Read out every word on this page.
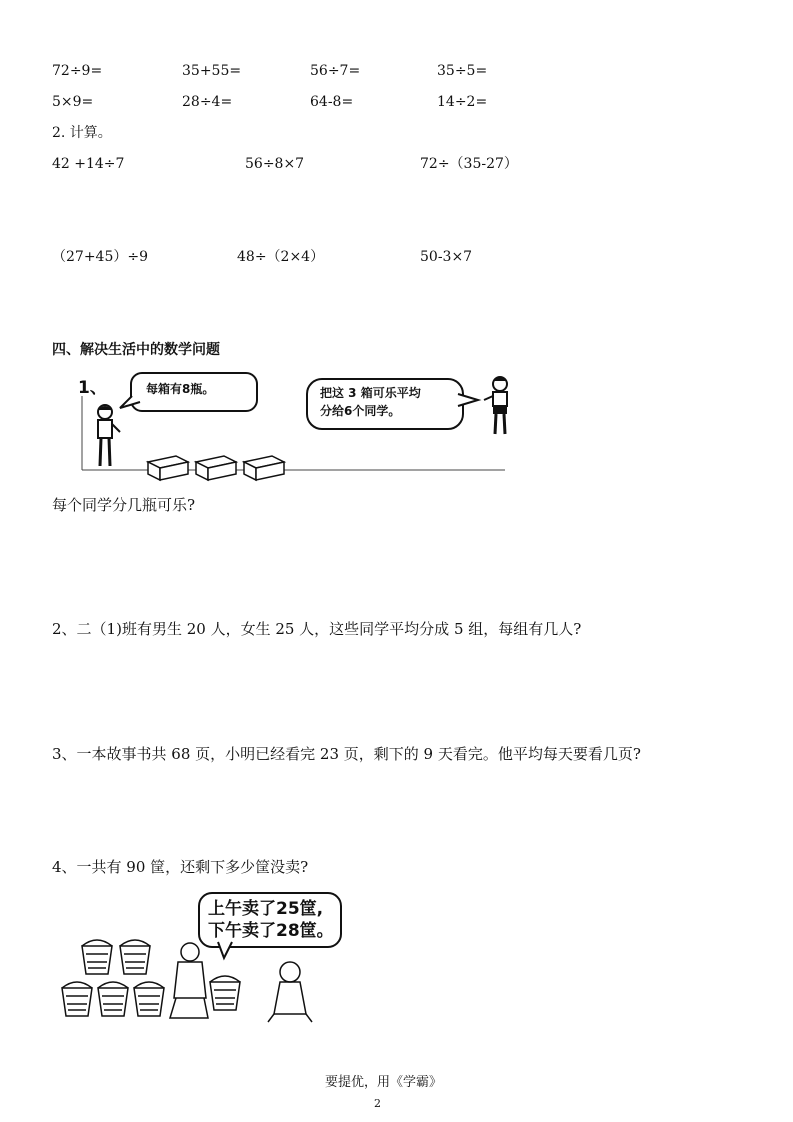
72÷9=	35+55=	56÷7=	35÷5=
5×9=	28÷4=	64-8=	14÷2=
2. 计算。
42 +14÷7	56÷8×7	72÷（35-27）
（27+45）÷9	48÷（2×4）	50-3×7
四、解决生活中的数学问题
1、	每箱有8瓶。	把这 3 箱可乐平均
分给6个同学。
每个同学分几瓶可乐?
2、二（1)班有男生 20 人，女生 25 人，这些同学平均分成 5 组，每组有几人?
3、一本故事书共 68 页，小明已经看完 23 页，剩下的 9 天看完。他平均每天要看几页?
4、一共有 90 筐，还剩下多少筐没卖?
上午卖了25筐,
下午卖了28筐。
要提优，用《学霸》
2
